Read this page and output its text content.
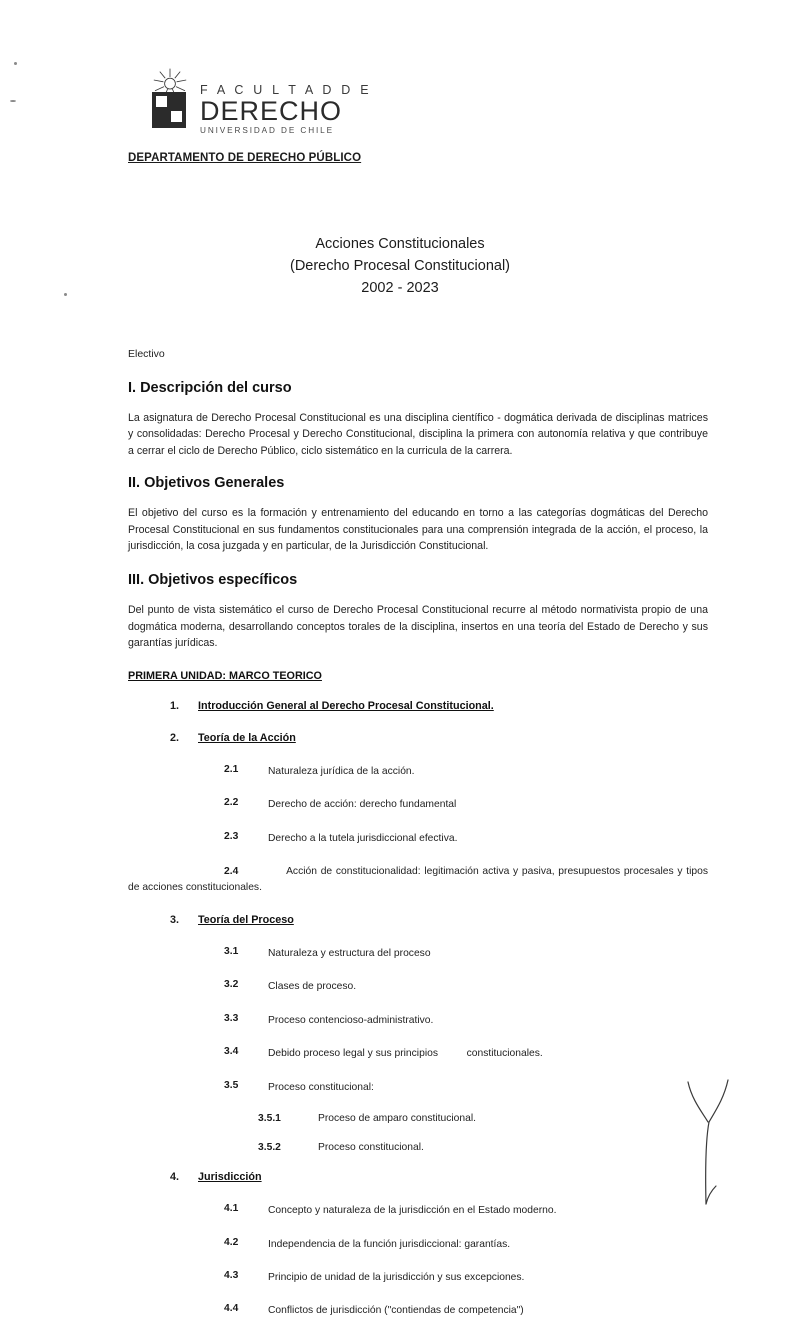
F A C U L T A D D E
DERECHO
UNIVERSIDAD DE CHILE
DEPARTAMENTO DE DERECHO PÚBLICO
Acciones Constitucionales
(Derecho Procesal Constitucional)
2002 - 2023
Electivo
I. Descripción del curso

La asignatura de Derecho Procesal Constitucional es una disciplina científico - dogmática derivada de disciplinas matrices y consolidadas: Derecho Procesal y Derecho Constitucional, disciplina la primera con autonomía relativa y que contribuye a cerrar el ciclo de Derecho Público, ciclo sistemático en la curricula de la carrera.

II. Objetivos Generales

El objetivo del curso es la formación y entrenamiento del educando en torno a las categorías dogmáticas del Derecho Procesal Constitucional en sus fundamentos constitucionales para una comprensión integrada de la acción, el proceso, la jurisdicción, la cosa juzgada y en particular, de la Jurisdicción Constitucional.

III. Objetivos específicos

Del punto de vista sistemático el curso de Derecho Procesal Constitucional recurre al método normativista propio de una dogmática moderna, desarrollando conceptos torales de la disciplina, insertos en una teoría del Estado de Derecho y sus garantías jurídicas.

PRIMERA UNIDAD: MARCO TEORICO
1.	Introducción General al Derecho Procesal Constitucional.
2.	Teoría de la Acción
2.1	Naturaleza jurídica de la acción.
2.2	Derecho de acción: derecho fundamental
2.3	Derecho a la tutela jurisdiccional efectiva.
2.4	Acción de constitucionalidad: legitimación activa y pasiva, presupuestos procesales y tipos de acciones constitucionales.
3.	Teoría del Proceso
3.1	Naturaleza y estructura del proceso
3.2	Clases de proceso.
3.3	Proceso contencioso-administrativo.
3.4	Debido proceso legal y sus principios          constitucionales.
3.5	Proceso constitucional:
3.5.1	Proceso de amparo constitucional.
3.5.2	Proceso constitucional.
4.	Jurisdicción
4.1	Concepto y naturaleza de la jurisdicción en el Estado moderno.
4.2	Independencia de la función jurisdiccional: garantías.
4.3	Principio de unidad de la jurisdicción y sus excepciones.
4.4	Conflictos de jurisdicción ("contiendas de competencia")
